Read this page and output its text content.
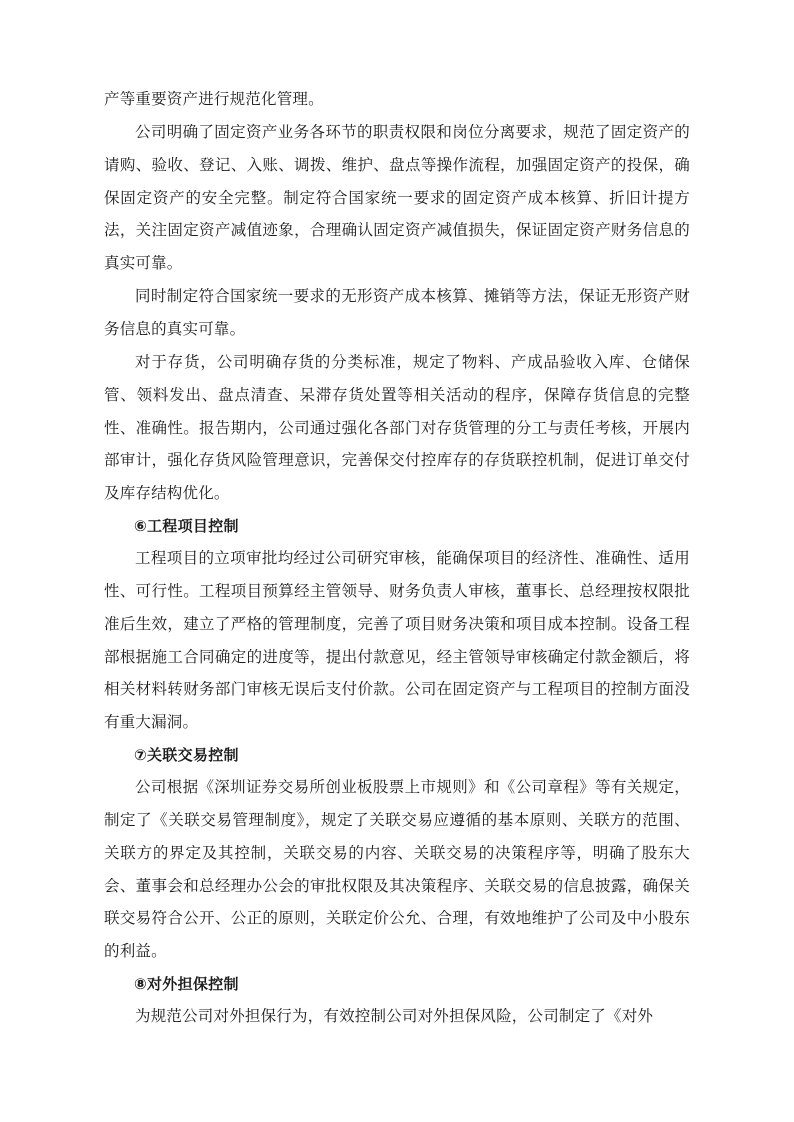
产等重要资产进行规范化管理。

公司明确了固定资产业务各环节的职责权限和岗位分离要求，规范了固定资产的请购、验收、登记、入账、调拨、维护、盘点等操作流程，加强固定资产的投保，确保固定资产的安全完整。制定符合国家统一要求的固定资产成本核算、折旧计提方法，关注固定资产减值迹象，合理确认固定资产减值损失，保证固定资产财务信息的真实可靠。

同时制定符合国家统一要求的无形资产成本核算、摊销等方法，保证无形资产财务信息的真实可靠。

对于存货，公司明确存货的分类标准，规定了物料、产成品验收入库、仓储保管、领料发出、盘点清查、呆滞存货处置等相关活动的程序，保障存货信息的完整性、准确性。报告期内，公司通过强化各部门对存货管理的分工与责任考核，开展内部审计，强化存货风险管理意识，完善保交付控库存的存货联控机制，促进订单交付及库存结构优化。

⑥工程项目控制

工程项目的立项审批均经过公司研究审核，能确保项目的经济性、准确性、适用性、可行性。工程项目预算经主管领导、财务负责人审核，董事长、总经理按权限批准后生效，建立了严格的管理制度，完善了项目财务决策和项目成本控制。设备工程部根据施工合同确定的进度等，提出付款意见，经主管领导审核确定付款金额后，将相关材料转财务部门审核无误后支付价款。公司在固定资产与工程项目的控制方面没有重大漏洞。

⑦关联交易控制

公司根据《深圳证券交易所创业板股票上市规则》和《公司章程》等有关规定，制定了《关联交易管理制度》，规定了关联交易应遵循的基本原则、关联方的范围、关联方的界定及其控制，关联交易的内容、关联交易的决策程序等，明确了股东大会、董事会和总经理办公会的审批权限及其决策程序、关联交易的信息披露，确保关联交易符合公开、公正的原则，关联定价公允、合理，有效地维护了公司及中小股东的利益。

⑧对外担保控制

为规范公司对外担保行为，有效控制公司对外担保风险，公司制定了《对外
